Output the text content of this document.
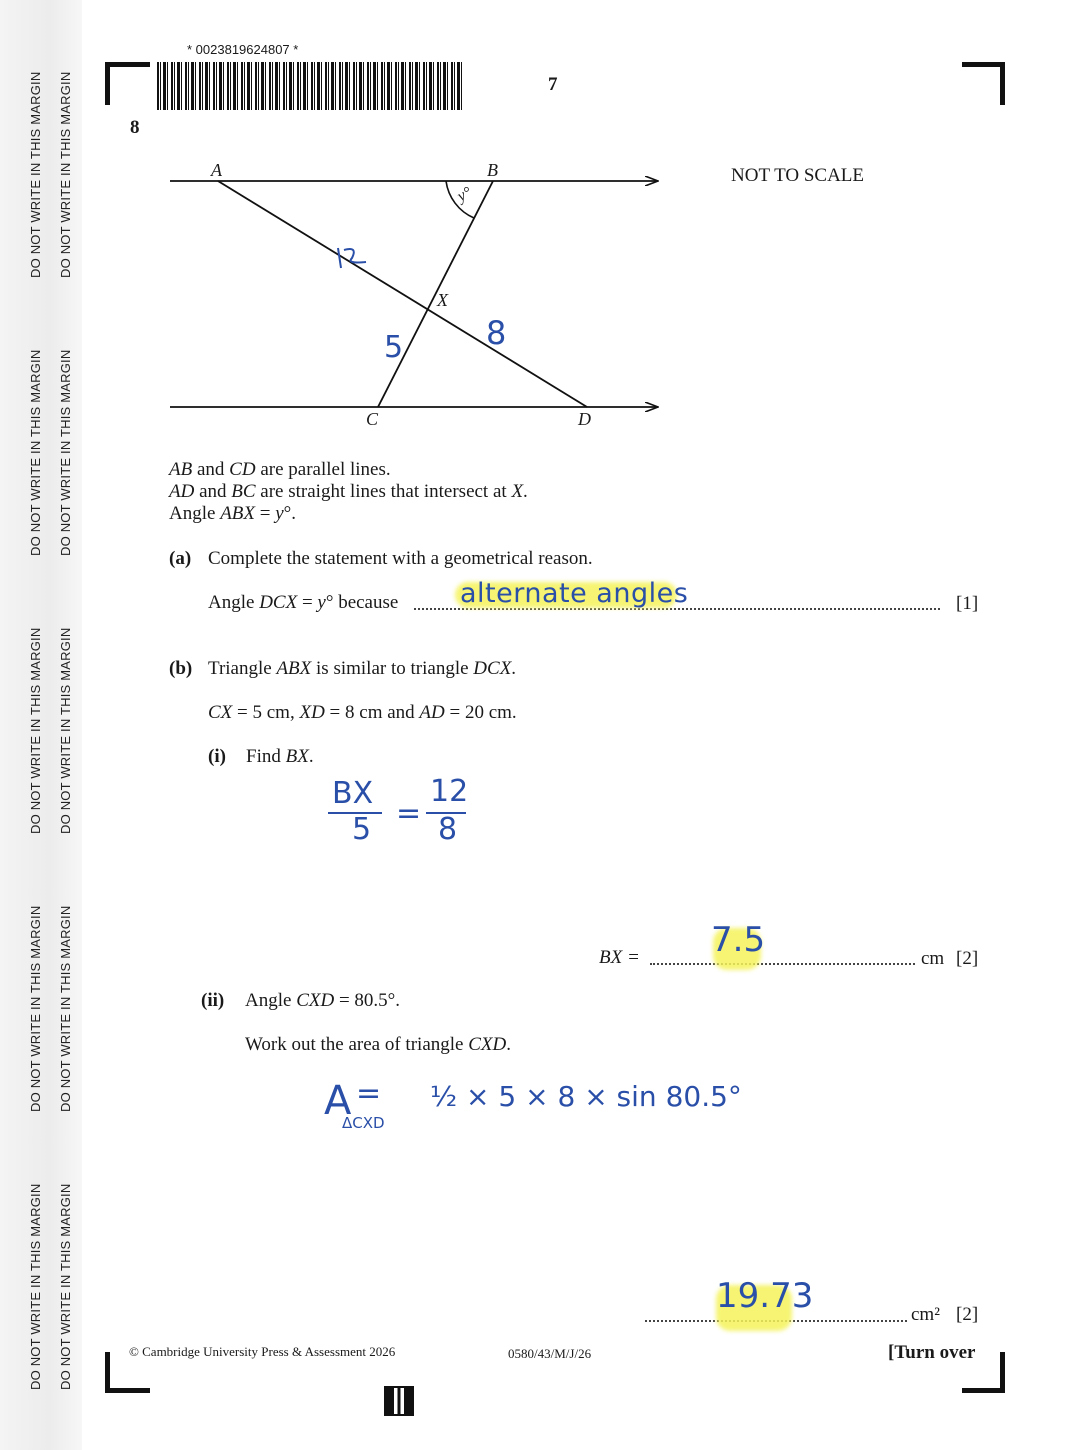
DO NOT WRITE IN THIS MARGIN DO NOT WRITE IN THIS MARGIN
DO NOT WRITE IN THIS MARGIN DO NOT WRITE IN THIS MARGIN
DO NOT WRITE IN THIS MARGIN DO NOT WRITE IN THIS MARGIN
DO NOT WRITE IN THIS MARGIN DO NOT WRITE IN THIS MARGIN
DO NOT WRITE IN THIS MARGIN DO NOT WRITE IN THIS MARGIN
* 0023819624807 *
7
8
A	B
C	D
X
y°
5	8
NOT TO SCALE
AB and CD are parallel lines.
AD and BC are straight lines that intersect at X.
Angle ABX = y°.
(a) Complete the statement with a geometrical reason.
Angle DCX = y° because alternate angles	[1]
(b) Triangle ABX is similar to triangle DCX.
CX = 5 cm, XD = 8 cm and AD = 20 cm.
(i) Find BX.
BX
5 =
12
8
BX = 7.5	cm [2]
(ii) Angle CXD = 80.5°.
Work out the area of triangle CXD.
A =
ΔCXD
½ × 5 × 8 × sin 80.5°
19.73	cm² [2]
© Cambridge University Press & Assessment 2026	0580/43/M/J/26	[Turn over
